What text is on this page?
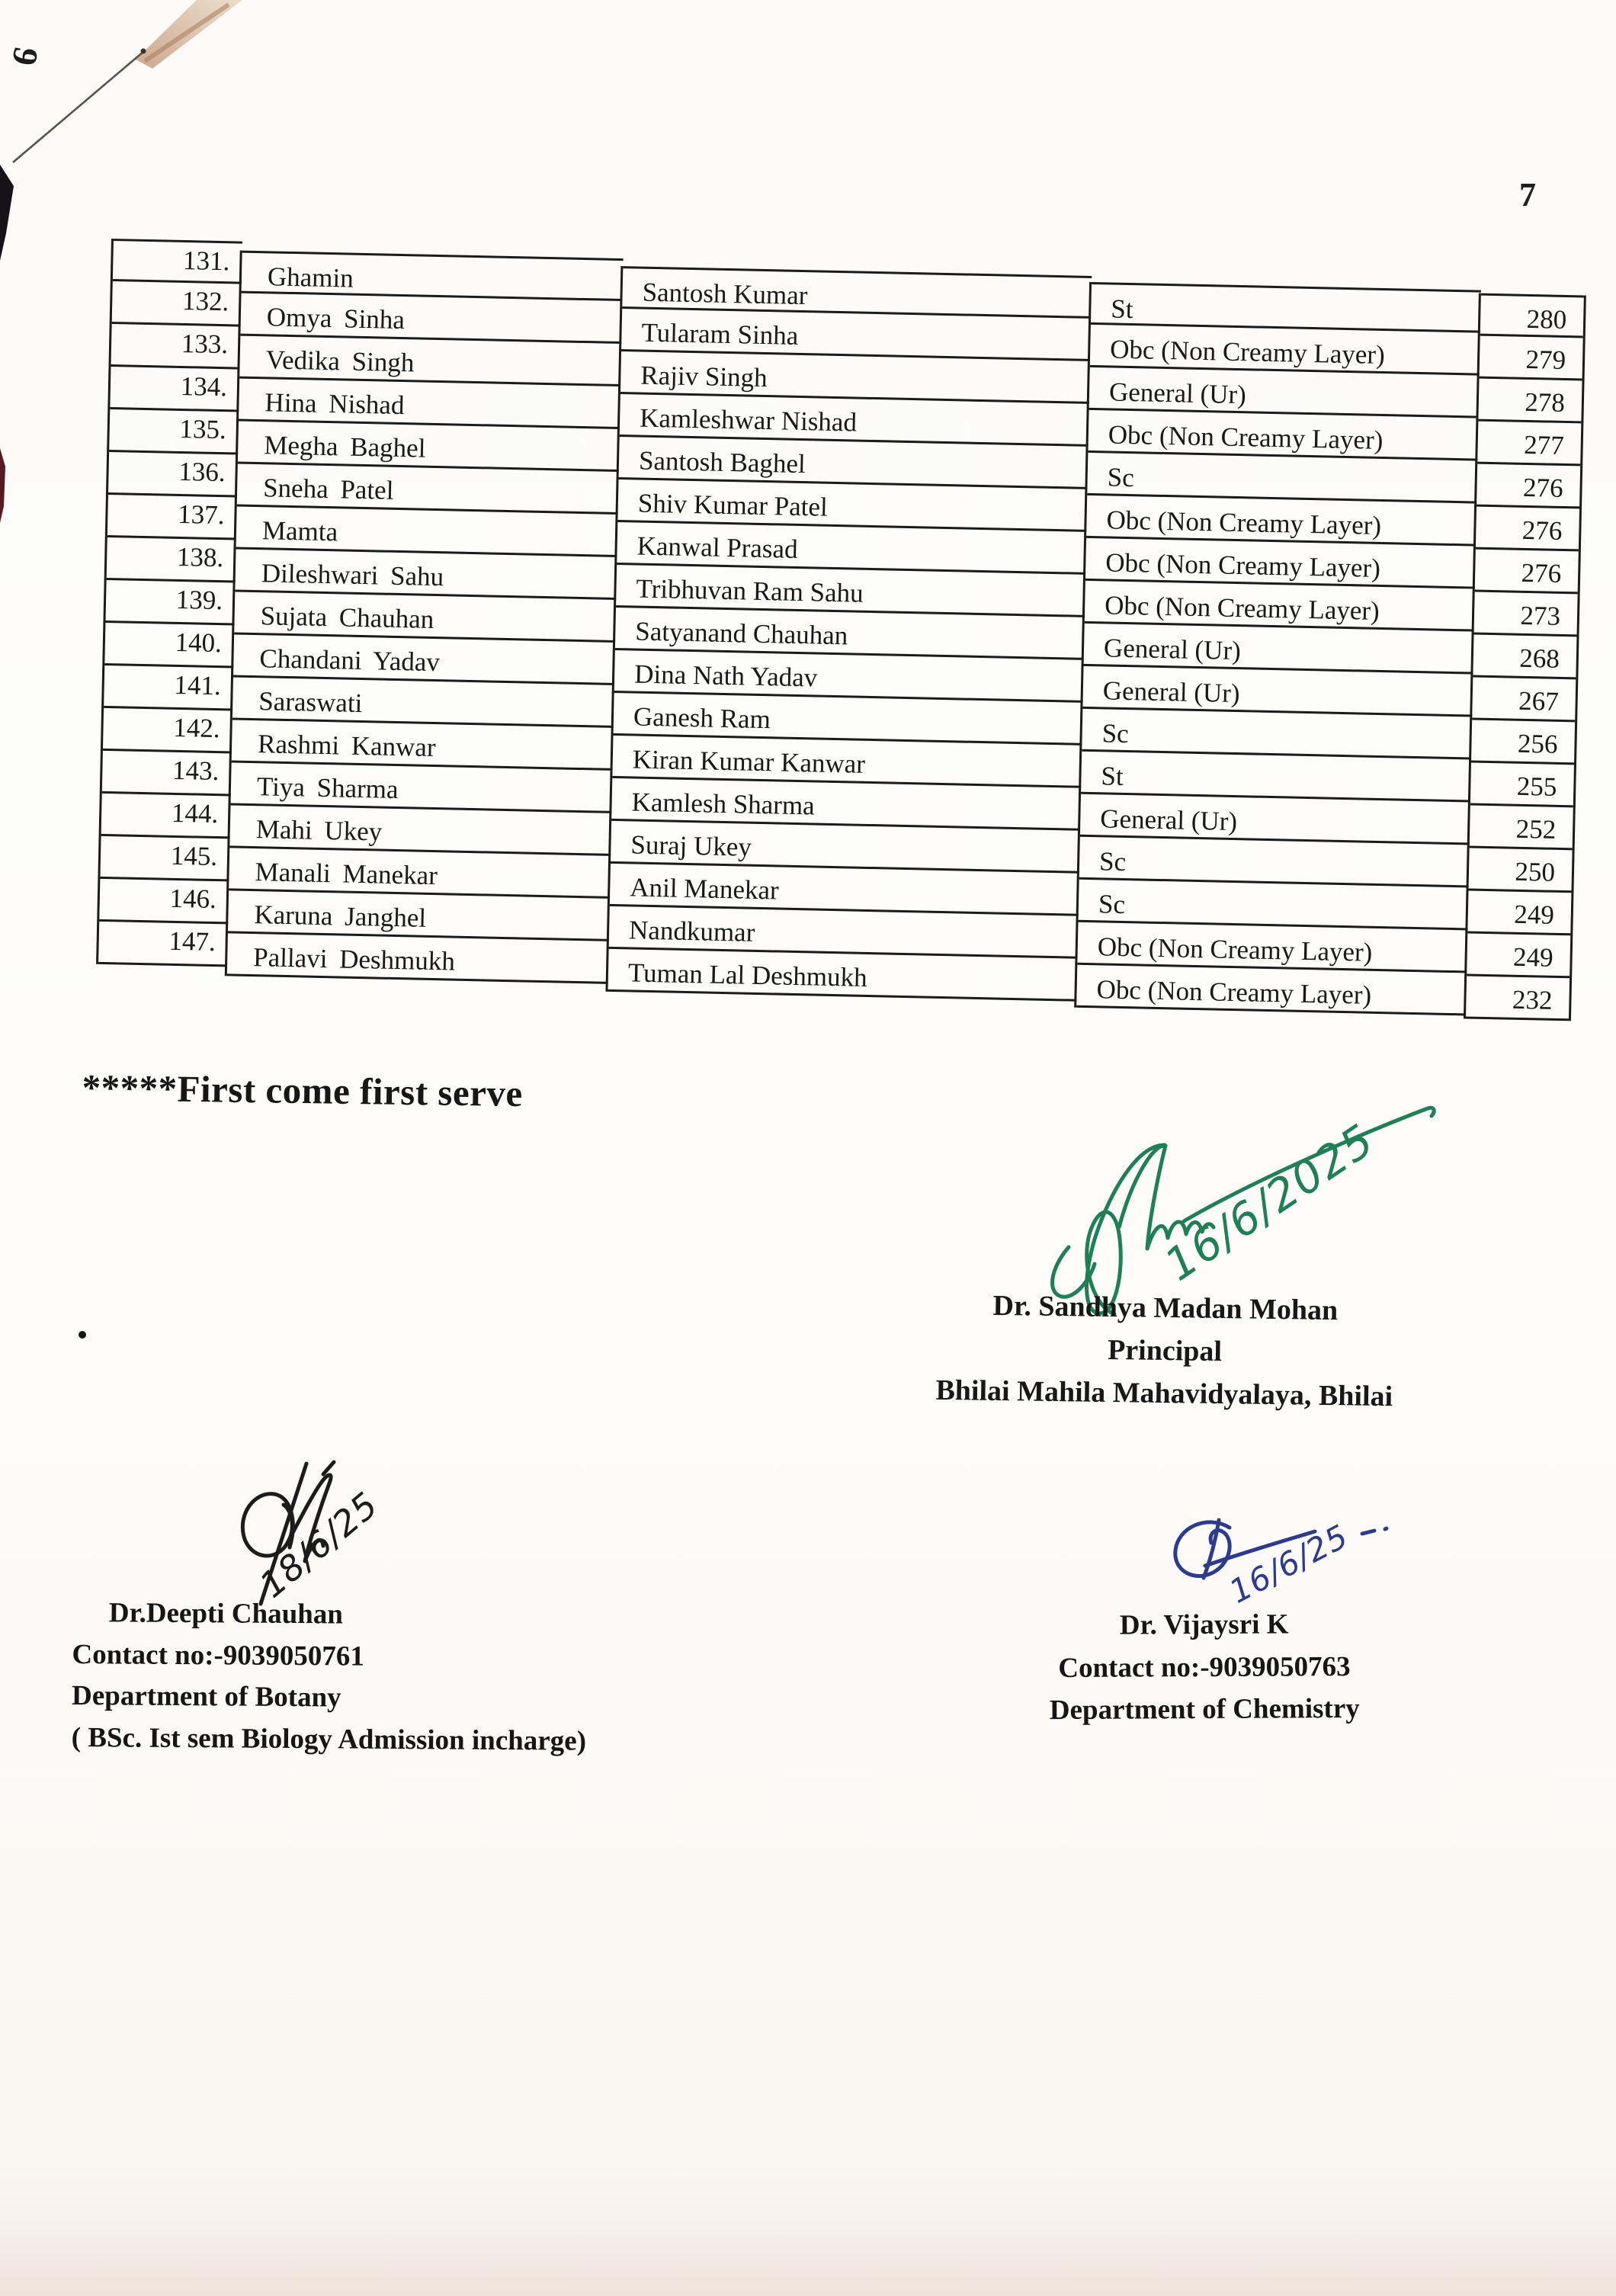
9
7
131.
132.
133.
134.
135.
136.
137.
138.
139.
140.
141.
142.
143.
144.
145.
146.
147.
Ghamin
Omya Sinha
Vedika Singh
Hina Nishad
Megha Baghel
Sneha Patel
Mamta
Dileshwari Sahu
Sujata Chauhan
Chandani Yadav
Saraswati
Rashmi Kanwar
Tiya Sharma
Mahi Ukey
Manali Manekar
Karuna Janghel
Pallavi Deshmukh
Santosh Kumar
Tularam Sinha
Rajiv Singh
Kamleshwar Nishad
Santosh Baghel
Shiv Kumar Patel
Kanwal Prasad
Tribhuvan Ram Sahu
Satyanand Chauhan
Dina Nath Yadav
Ganesh Ram
Kiran Kumar Kanwar
Kamlesh Sharma
Suraj Ukey
Anil Manekar
Nandkumar
Tuman Lal Deshmukh
St
Obc (Non Creamy Layer)
General (Ur)
Obc (Non Creamy Layer)
Sc
Obc (Non Creamy Layer)
Obc (Non Creamy Layer)
Obc (Non Creamy Layer)
General (Ur)
General (Ur)
Sc
St
General (Ur)
Sc
Sc
Obc (Non Creamy Layer)
Obc (Non Creamy Layer)
280
279
278
277
276
276
276
273
268
267
256
255
252
250
249
249
232
*****First come first serve
16/6/2025
Dr. Sandhya Madan Mohan
Principal
Bhilai Mahila Mahavidyalaya, Bhilai
18/6/25
Dr.Deepti Chauhan
Contact no:-9039050761
Department of Botany
( BSc. Ist sem Biology Admission incharge)
16/6/25
Dr. Vijaysri K
Contact no:-9039050763
Department of Chemistry
